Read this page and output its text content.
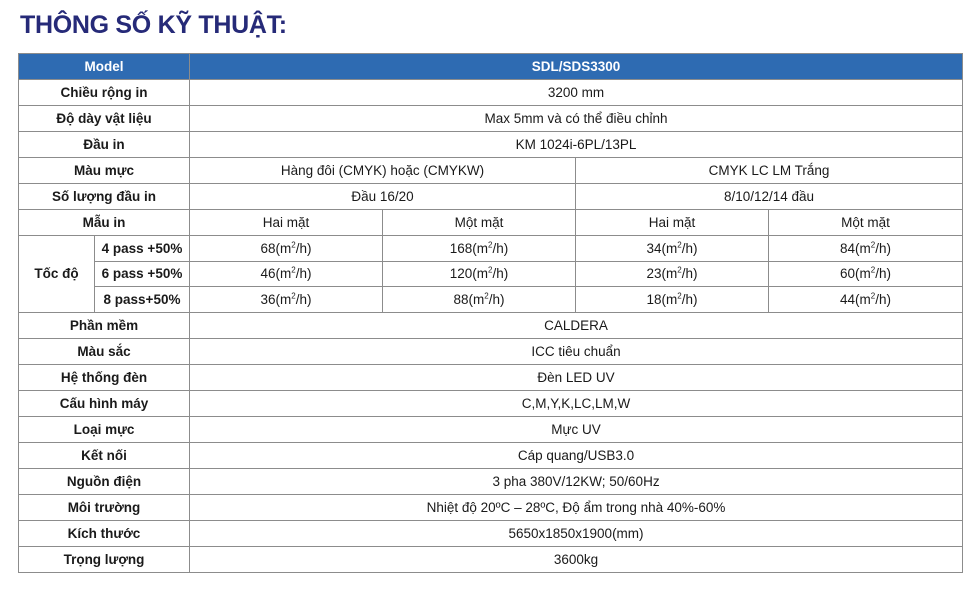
THÔNG SỐ KỸ THUẬT:
Model		SDL/SDS3300			
Chiều rộng in		3200 mm			
Độ dày vật liệu		Max 5mm và có thể điều chỉnh			
Đầu in		KM 1024i-6PL/13PL			
Màu mực		Hàng đôi (CMYK) hoặc (CMYKW)		CMYK LC LM Trắng	
Số lượng đầu in		Đầu 16/20		8/10/12/14 đầu	
Mẫu in		Hai mặt	Một mặt	Hai mặt	Một mặt
Tốc độ	4 pass +50%	$68(m^2/h)$	$168(m^2/h)$	$34(m^2/h)$	$84(m^2/h)$
	6 pass +50%	$46(m^2/h)$	$120(m^2/h)$	$23(m^2/h)$	$60(m^2/h)$
	8 pass+50%	$36(m^2/h)$	$88(m^2/h)$	$18(m^2/h)$	$44(m^2/h)$
Phần mềm		CALDERA			
Màu sắc		ICC tiêu chuẩn			
Hệ thống đèn		Đèn LED UV			
Cấu hình máy		C,M,Y,K,LC,LM,W			
Loại mực		Mực UV			
Kết nối		Cáp quang/USB3.0			
Nguồn điện		3 pha 380V/12KW; 50/60Hz			
Môi trường		Nhiệt độ 20ºC – 28ºC, Độ ẩm trong nhà 40%-60%			
Kích thước		5650x1850x1900(mm)			
Trọng lượng		3600kg			
